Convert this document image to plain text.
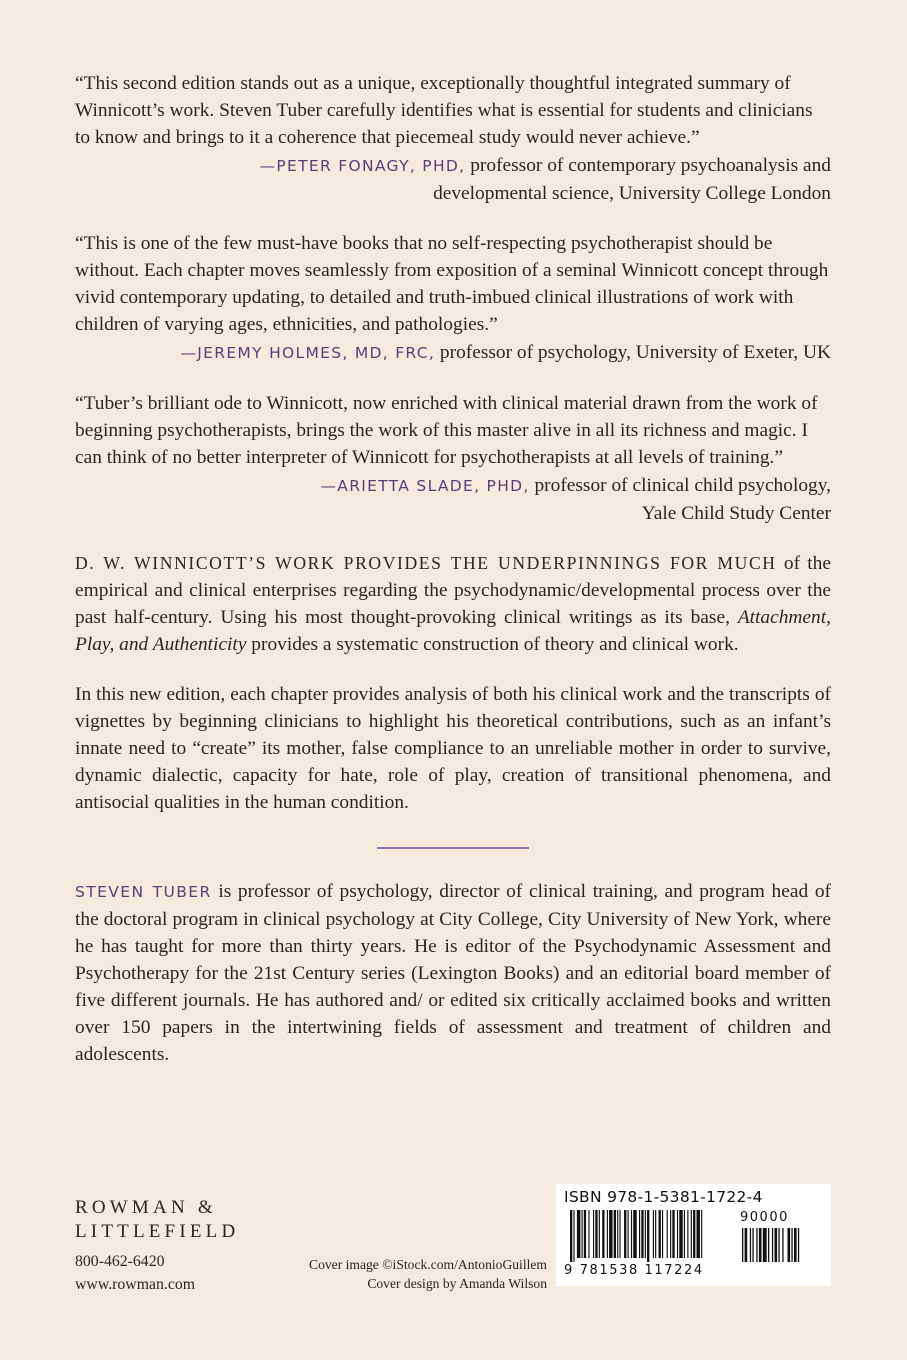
“This second edition stands out as a unique, exceptionally thoughtful integrated summary of Winnicott’s work. Steven Tuber carefully identifies what is essential for students and clinicians to know and brings to it a coherence that piecemeal study would never achieve.”

—PETER FONAGY, PHD, professor of contemporary psychoanalysis and
developmental science, University College London

“This is one of the few must-have books that no self-respecting psychotherapist should be without. Each chapter moves seamlessly from exposition of a seminal Winnicott concept through vivid contemporary updating, to detailed and truth-imbued clinical illustrations of work with children of varying ages, ethnicities, and pathologies.”

—JEREMY HOLMES, MD, FRC, professor of psychology, University of Exeter, UK

“Tuber’s brilliant ode to Winnicott, now enriched with clinical material drawn from the work of beginning psychotherapists, brings the work of this master alive in all its richness and magic. I can think of no better interpreter of Winnicott for psychotherapists at all levels of training.”

—ARIETTA SLADE, PHD, professor of clinical child psychology,
Yale Child Study Center

D. W. WINNICOTT’S WORK PROVIDES THE UNDERPINNINGS FOR MUCH of the empirical and clinical enterprises regarding the psychodynamic/developmental process over the past half-century. Using his most thought-provoking clinical writings as its base, Attachment, Play, and Authenticity provides a systematic construction of theory and clinical work.

In this new edition, each chapter provides analysis of both his clinical work and the transcripts of vignettes by beginning clinicians to highlight his theoretical contributions, such as an infant’s innate need to “create” its mother, false compliance to an unreliable mother in order to survive, dynamic dialectic, capacity for hate, role of play, creation of transitional phenomena, and antisocial qualities in the human condition.

STEVEN TUBER is professor of psychology, director of clinical training, and program head of the doctoral program in clinical psychology at City College, City University of New York, where he has taught for more than thirty years. He is editor of the Psychodynamic Assessment and Psychotherapy for the 21st Century series (Lexington Books) and an editorial board member of five different journals. He has authored and/ or edited six critically acclaimed books and written over 150 papers in the intertwining fields of assessment and treatment of children and adolescents.

ROWMAN &
LITTLEFIELD
800-462-6420
www.rowman.com
Cover image ©iStock.com/AntonioGuillem
Cover design by Amanda Wilson
ISBN 978-1-5381-1722-4
90000
9 781538 117224
